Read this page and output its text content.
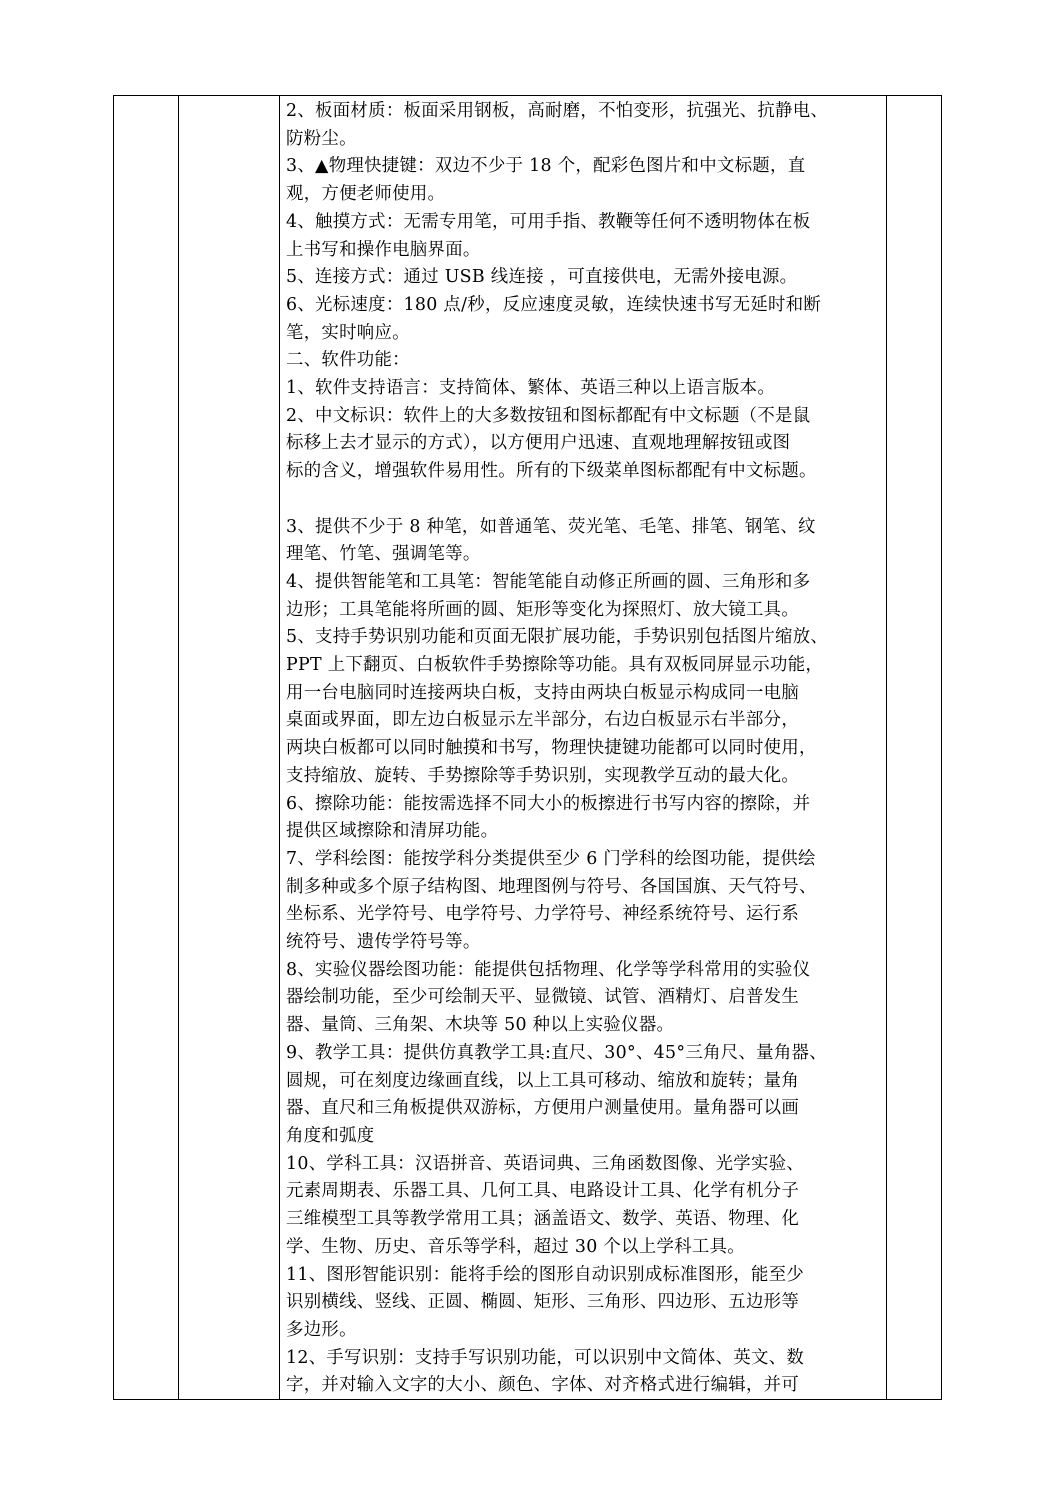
2、板面材质：板面采用钢板，高耐磨，不怕变形，抗强光、抗静电、

防粉尘。

3、▲物理快捷键：双边不少于 18 个，配彩色图片和中文标题，直

观，方便老师使用。

4、触摸方式：无需专用笔，可用手指、教鞭等任何不透明物体在板

上书写和操作电脑界面。

5、连接方式：通过 USB 线连接 ，可直接供电，无需外接电源。

6、光标速度：180 点/秒，反应速度灵敏，连续快速书写无延时和断

笔，实时响应。

二、软件功能：

1、软件支持语言：支持简体、繁体、英语三种以上语言版本。

2、中文标识：软件上的大多数按钮和图标都配有中文标题（不是鼠

标移上去才显示的方式），以方便用户迅速、直观地理解按钮或图

标的含义，增强软件易用性。所有的下级菜单图标都配有中文标题。

3、提供不少于 8 种笔，如普通笔、荧光笔、毛笔、排笔、钢笔、纹

理笔、竹笔、强调笔等。

4、提供智能笔和工具笔：智能笔能自动修正所画的圆、三角形和多

边形；工具笔能将所画的圆、矩形等变化为探照灯、放大镜工具。

5、支持手势识别功能和页面无限扩展功能，手势识别包括图片缩放、

PPT 上下翻页、白板软件手势擦除等功能。具有双板同屏显示功能，

用一台电脑同时连接两块白板，支持由两块白板显示构成同一电脑

桌面或界面，即左边白板显示左半部分，右边白板显示右半部分，

两块白板都可以同时触摸和书写，物理快捷键功能都可以同时使用，

支持缩放、旋转、手势擦除等手势识别，实现教学互动的最大化。

6、擦除功能：能按需选择不同大小的板擦进行书写内容的擦除，并

提供区域擦除和清屏功能。

7、学科绘图：能按学科分类提供至少 6 门学科的绘图功能，提供绘

制多种或多个原子结构图、地理图例与符号、各国国旗、天气符号、

坐标系、光学符号、电学符号、力学符号、神经系统符号、运行系

统符号、遗传学符号等。

8、实验仪器绘图功能：能提供包括物理、化学等学科常用的实验仪

器绘制功能，至少可绘制天平、显微镜、试管、酒精灯、启普发生

器、量筒、三角架、木块等 50 种以上实验仪器。

9、教学工具：提供仿真教学工具:直尺、30°、45°三角尺、量角器、

圆规，可在刻度边缘画直线，以上工具可移动、缩放和旋转；量角

器、直尺和三角板提供双游标，方便用户测量使用。量角器可以画

角度和弧度

10、学科工具：汉语拼音、英语词典、三角函数图像、光学实验、

元素周期表、乐器工具、几何工具、电路设计工具、化学有机分子

三维模型工具等教学常用工具；涵盖语文、数学、英语、物理、化

学、生物、历史、音乐等学科，超过 30 个以上学科工具。

11、图形智能识别：能将手绘的图形自动识别成标准图形，能至少

识别横线、竖线、正圆、椭圆、矩形、三角形、四边形、五边形等

多边形。

12、手写识别：支持手写识别功能，可以识别中文简体、英文、数

字，并对输入文字的大小、颜色、字体、对齐格式进行编辑，并可
